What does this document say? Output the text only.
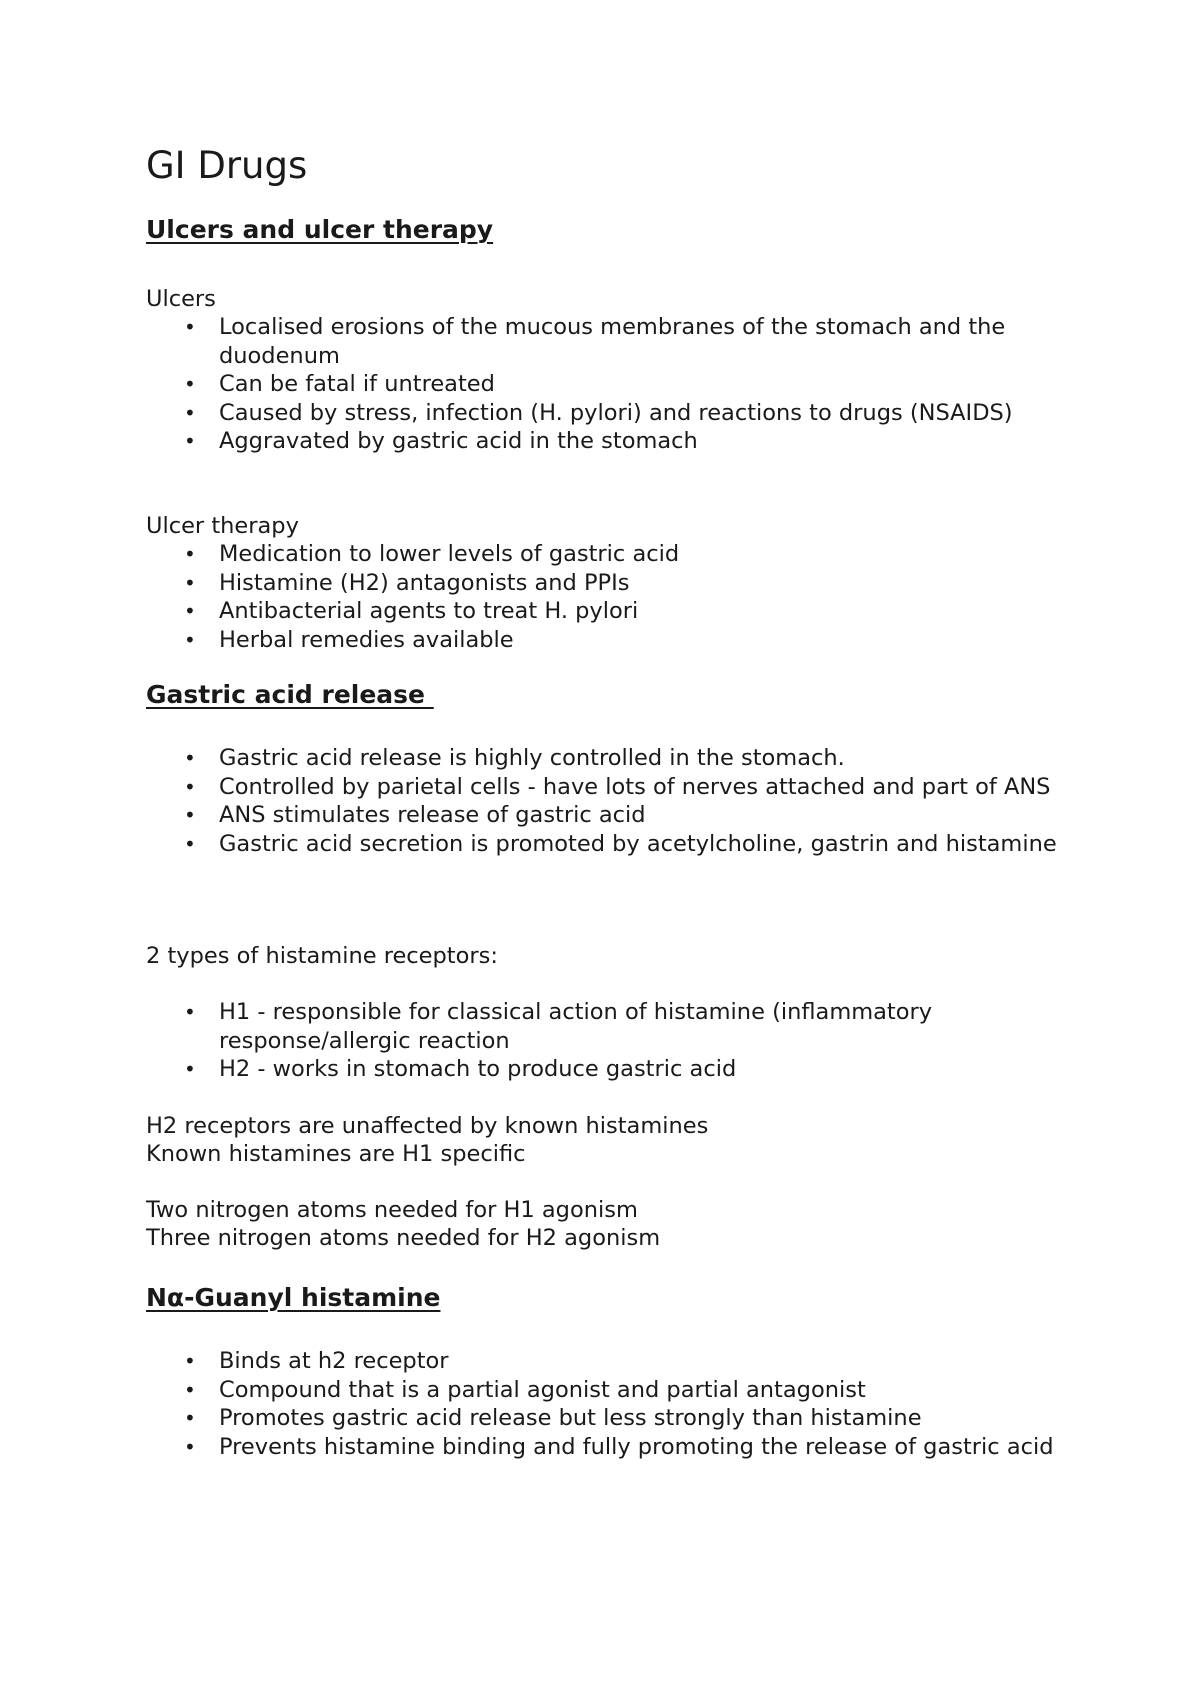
GI Drugs
Ulcers and ulcer therapy

Ulcers

• Localised erosions of the mucous membranes of the stomach and the duodenum
• Can be fatal if untreated
• Caused by stress, infection (H. pylori) and reactions to drugs (NSAIDS)
• Aggravated by gastric acid in the stomach

Ulcer therapy

• Medication to lower levels of gastric acid
• Histamine (H2) antagonists and PPIs
• Antibacterial agents to treat H. pylori
• Herbal remedies available
Gastric acid release
• Gastric acid release is highly controlled in the stomach.
• Controlled by parietal cells - have lots of nerves attached and part of ANS
• ANS stimulates release of gastric acid
• Gastric acid secretion is promoted by acetylcholine, gastrin and histamine

2 types of histamine receptors:

• H1 - responsible for classical action of histamine (inflammatory response/allergic reaction
• H2 - works in stomach to produce gastric acid

H2 receptors are unaffected by known histamines

Known histamines are H1 specific

Two nitrogen atoms needed for H1 agonism

Three nitrogen atoms needed for H2 agonism

Nα-Guanyl histamine
• Binds at h2 receptor
• Compound that is a partial agonist and partial antagonist
• Promotes gastric acid release but less strongly than histamine
• Prevents histamine binding and fully promoting the release of gastric acid
